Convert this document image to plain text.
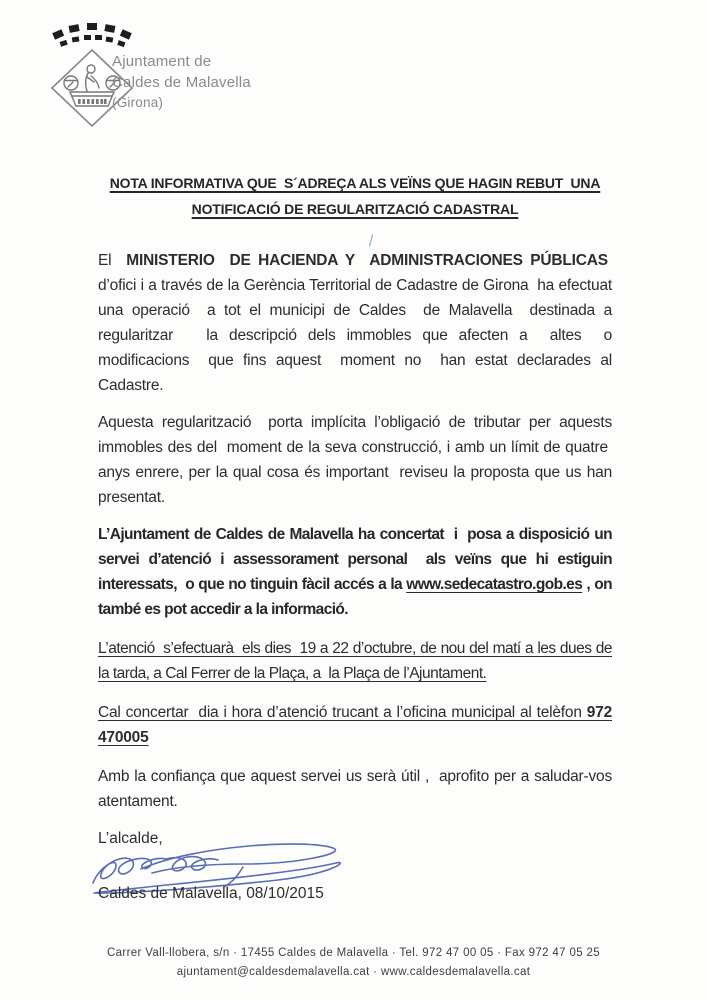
Ajuntament de
Caldes de Malavella
(Girona)
NOTA INFORMATIVA QUE  S´ADREÇA ALS VEÏNS QUE HAGIN REBUT  UNA
NOTIFICACIÓ DE REGULARITZACIÓ CADASTRAL

El  MINISTERIO  DE HACIENDA Y  ADMINISTRACIONES PÚBLICAS  d’ofici i a través de la Gerència Territorial de Cadastre de Girona  ha efectuat una operació  a tot el municipi de Caldes  de Malavella  destinada a regularitzar   la descripció dels immobles que afecten a  altes  o modificacions  que fins aquest  moment no  han estat declarades al Cadastre.

Aquesta regularització  porta implícita l’obligació de tributar per aquests immobles des del  moment de la seva construcció, i amb un límit de quatre  anys enrere, per la qual cosa és important  reviseu la proposta que us han presentat.

L’Ajuntament de Caldes de Malavella ha concertat  i  posa a disposició un servei d’atenció i assessorament personal  als veïns que hi estiguin interessats,  o que no tinguin fàcil accés a la www.sedecatastro.gob.es , on també es pot accedir a la informació.

L’atenció  s’efectuarà  els dies  19 a 22 d’octubre, de nou del matí a les dues de la tarda, a Cal Ferrer de la Plaça, a  la Plaça de l’Ajuntament.

Cal concertar  dia i hora d’atenció trucant a l’oficina municipal al telèfon 972 470005

Amb la confiança que aquest servei us serà útil ,  aprofito per a saludar-vos atentament.

L’alcalde,

Caldes de Malavella, 08/10/2015

Carrer Vall-llobera, s/n · 17455 Caldes de Malavella · Tel. 972 47 00 05 · Fax 972 47 05 25
ajuntament@caldesdemalavella.cat · www.caldesdemalavella.cat
